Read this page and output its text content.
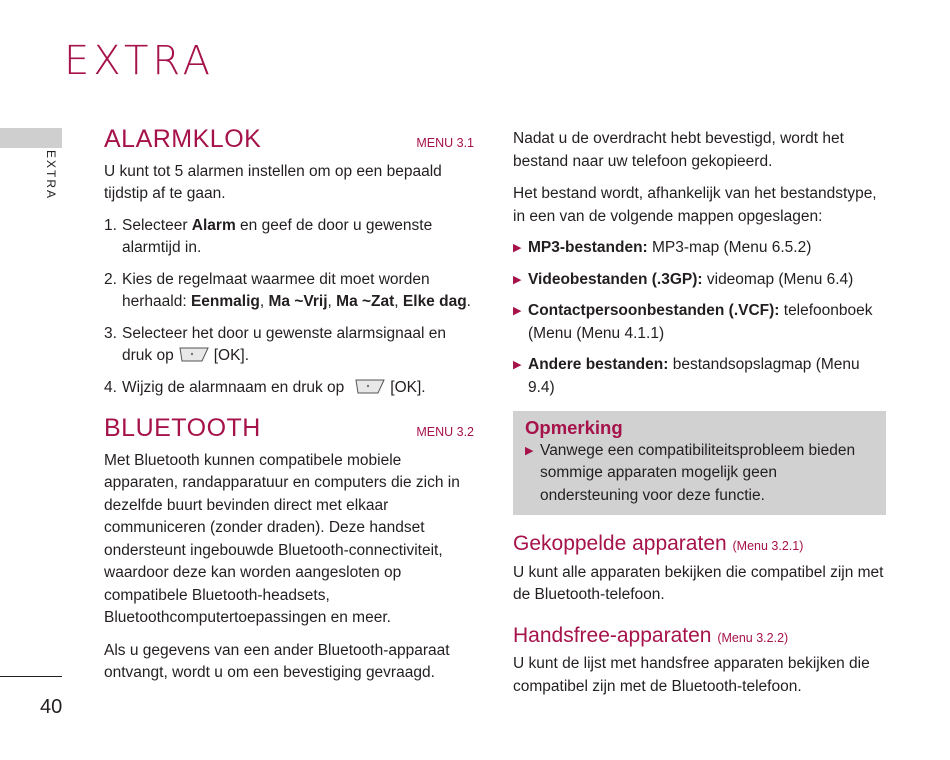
EXTRA
EXTRA
40
ALARMKLOK	MENU 3.1

U kunt tot 5 alarmen instellen om op een bepaald tijdstip af te gaan.

1. Selecteer Alarm en geef de door u gewenste alarmtijd in.
2. Kies de regelmaat waarmee dit moet worden herhaald: Eenmalig, Ma ~Vrij, Ma ~Zat, Elke dag.
3. Selecteer het door u gewenste alarmsignaal en druk op	[OK].
4. Wijzig de alarmnaam en druk op	[OK].
BLUETOOTH	MENU 3.2

Met Bluetooth kunnen compatibele mobiele apparaten, randapparatuur en computers die zich in dezelfde buurt bevinden direct met elkaar communiceren (zonder draden). Deze handset ondersteunt ingebouwde Bluetooth-connectiviteit, waardoor deze kan worden aangesloten op compatibele Bluetooth-headsets, Bluetoothcomputertoepassingen en meer.

Als u gegevens van een ander Bluetooth-apparaat ontvangt, wordt u om een bevestiging gevraagd.

Nadat u de overdracht hebt bevestigd, wordt het bestand naar uw telefoon gekopieerd.

Het bestand wordt, afhankelijk van het bestandstype, in een van de volgende mappen opgeslagen:

▶ MP3-bestanden: MP3-map (Menu 6.5.2)
▶ Videobestanden (.3GP): videomap (Menu 6.4)
▶ Contactpersoonbestanden (.VCF): telefoonboek (Menu (Menu 4.1.1)
▶ Andere bestanden: bestandsopslagmap (Menu 9.4)
Opmerking
▶ Vanwege een compatibiliteitsprobleem bieden sommige apparaten mogelijk geen ondersteuning voor deze functie.
Gekoppelde apparaten (Menu 3.2.1)

U kunt alle apparaten bekijken die compatibel zijn met de Bluetooth-telefoon.

Handsfree-apparaten (Menu 3.2.2)

U kunt de lijst met handsfree apparaten bekijken die compatibel zijn met de Bluetooth-telefoon.
